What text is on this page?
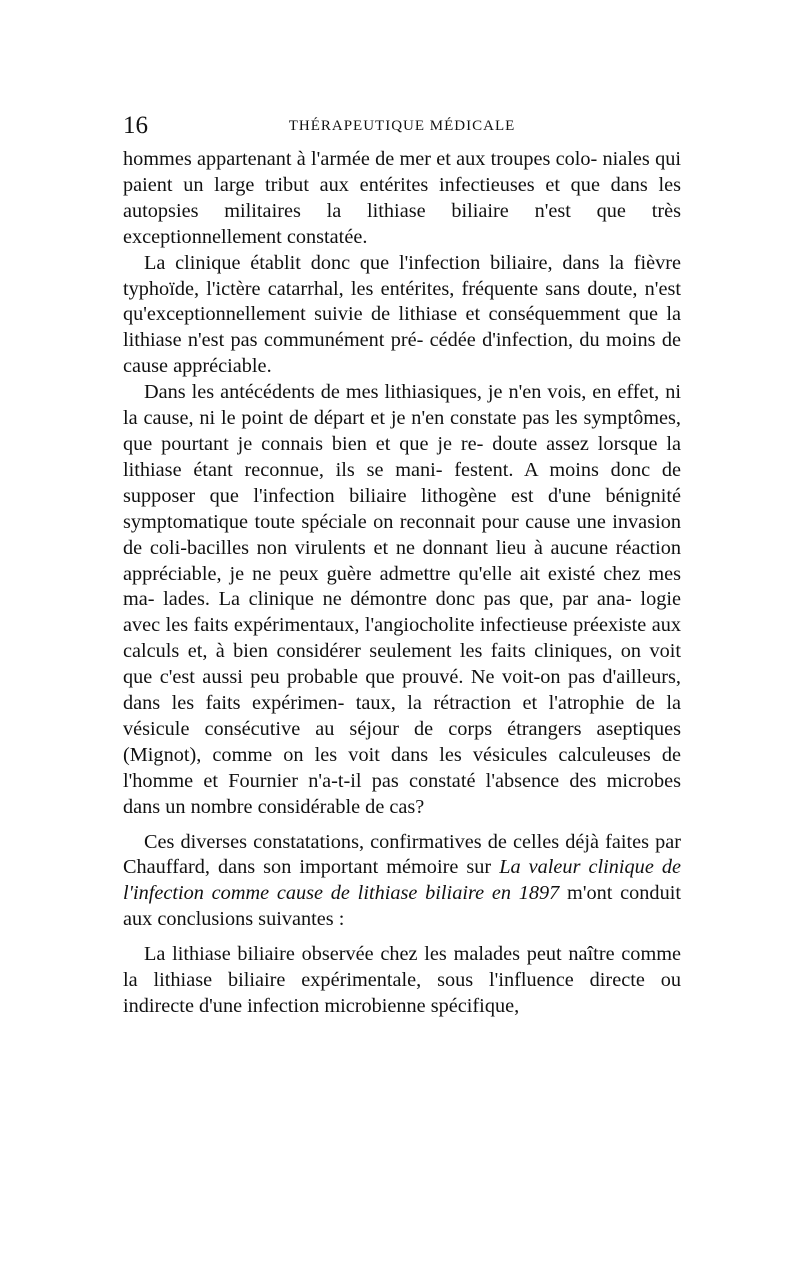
16	THÉRAPEUTIQUE MÉDICALE

hommes appartenant à l'armée de mer et aux troupes colo- niales qui paient un large tribut aux entérites infectieuses et que dans les autopsies militaires la lithiase biliaire n'est que très exceptionnellement constatée.

La clinique établit donc que l'infection biliaire, dans la fièvre typhoïde, l'ictère catarrhal, les entérites, fréquente sans doute, n'est qu'exceptionnellement suivie de lithiase et conséquemment que la lithiase n'est pas communément pré- cédée d'infection, du moins de cause appréciable.

Dans les antécédents de mes lithiasiques, je n'en vois, en effet, ni la cause, ni le point de départ et je n'en constate pas les symptômes, que pourtant je connais bien et que je re- doute assez lorsque la lithiase étant reconnue, ils se mani- festent. A moins donc de supposer que l'infection biliaire lithogène est d'une bénignité symptomatique toute spéciale on reconnait pour cause une invasion de coli-bacilles non virulents et ne donnant lieu à aucune réaction appréciable, je ne peux guère admettre qu'elle ait existé chez mes ma- lades. La clinique ne démontre donc pas que, par ana- logie avec les faits expérimentaux, l'angiocholite infectieuse préexiste aux calculs et, à bien considérer seulement les faits cliniques, on voit que c'est aussi peu probable que prouvé. Ne voit-on pas d'ailleurs, dans les faits expérimen- taux, la rétraction et l'atrophie de la vésicule consécutive au séjour de corps étrangers aseptiques (Mignot), comme on les voit dans les vésicules calculeuses de l'homme et Fournier n'a-t-il pas constaté l'absence des microbes dans un nombre considérable de cas?

Ces diverses constatations, confirmatives de celles déjà faites par Chauffard, dans son important mémoire sur La valeur clinique de l'infection comme cause de lithiase biliaire en 1897 m'ont conduit aux conclusions suivantes :

La lithiase biliaire observée chez les malades peut naître comme la lithiase biliaire expérimentale, sous l'influence directe ou indirecte d'une infection microbienne spécifique,
